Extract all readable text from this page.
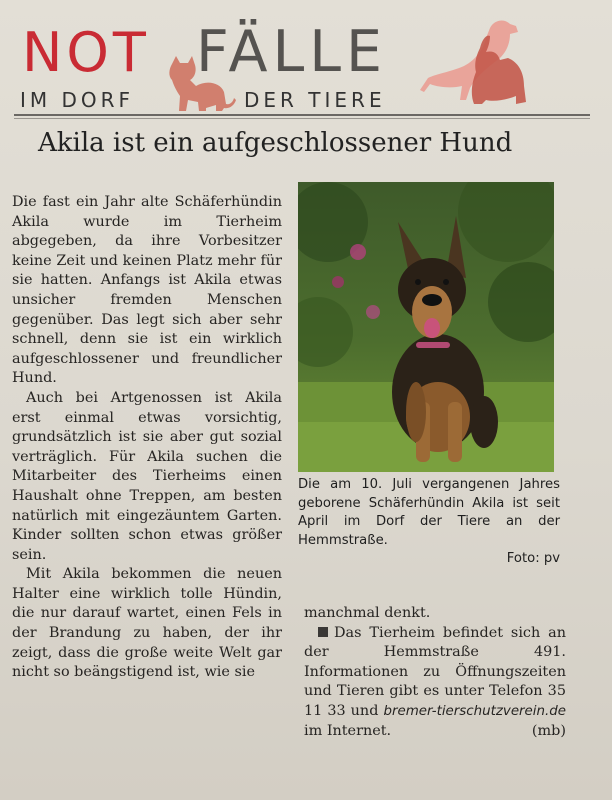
NOT FÄLLE
IM DORF	DER TIERE
Akila ist ein aufgeschlossener Hund

Die fast ein Jahr alte Schäferhündin Akila wurde im Tierheim abgegeben, da ihre Vorbesitzer keine Zeit und keinen Platz mehr für sie hatten. Anfangs ist Akila etwas unsicher fremden Menschen gegenüber. Das legt sich aber sehr schnell, denn sie ist ein wirklich aufgeschlossener und freundlicher Hund.

Auch bei Artgenossen ist Akila erst einmal etwas vorsichtig, grundsätzlich ist sie aber gut sozial verträglich. Für Akila suchen die Mitarbeiter des Tierheims einen Haushalt ohne Treppen, am besten natürlich mit eingezäuntem Garten. Kinder sollten schon etwas größer sein.

Mit Akila bekommen die neuen Halter eine wirklich tolle Hündin, die nur darauf wartet, einen Fels in der Brandung zu haben, der ihr zeigt, dass die große weite Welt gar nicht so beängstigend ist, wie sie

Die am 10. Juli vergangenen Jahres geborene Schäferhündin Akila ist seit April im Dorf der Tiere an der Hemmstraße.
Foto: pv

manchmal denkt.

Das Tierheim befindet sich an der Hemmstraße 491. Informationen zu Öffnungszeiten und Tieren gibt es unter Telefon 35 11 33 und bremer-tierschutzverein.de im Internet.	(mb)
